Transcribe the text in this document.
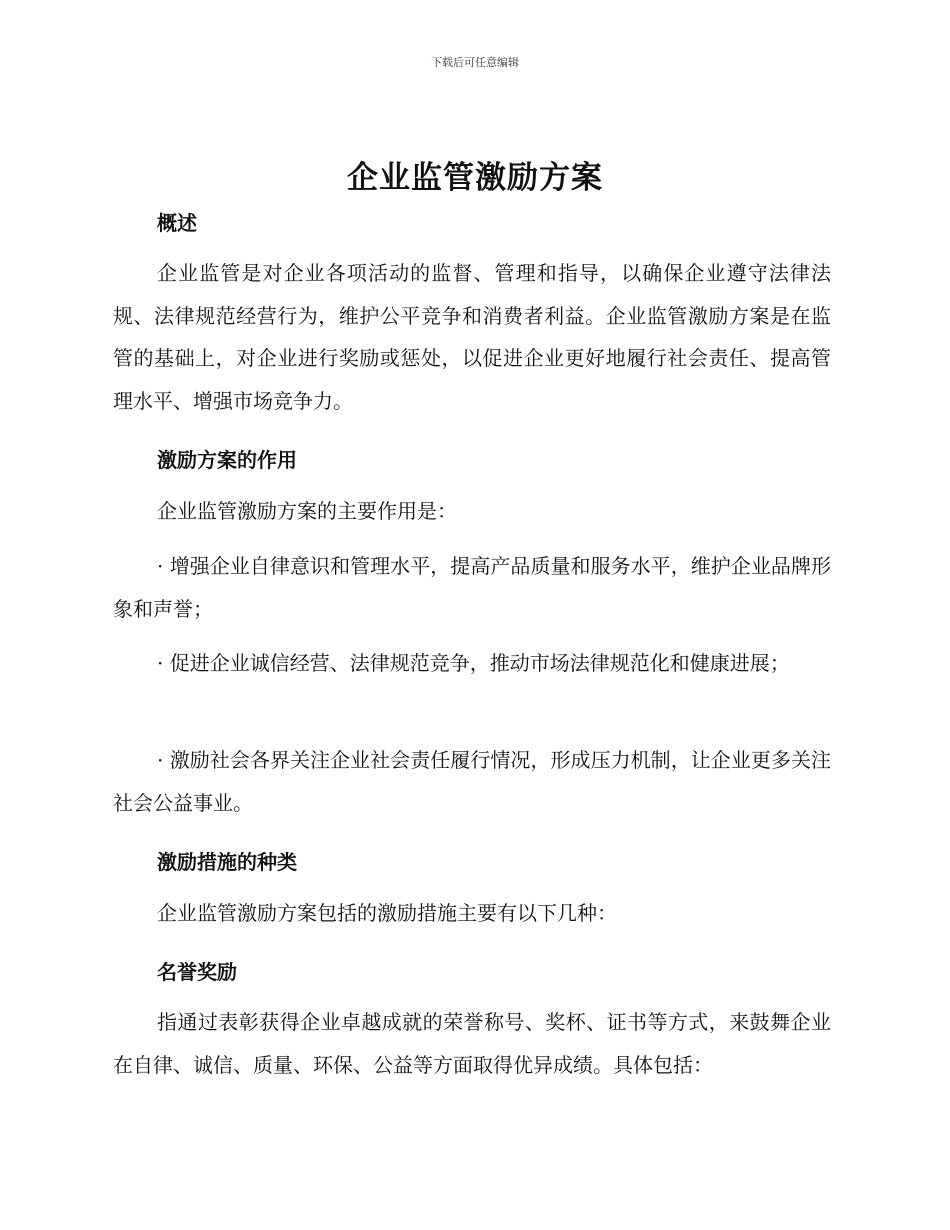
下载后可任意编辑
企业监管激励方案
概述

企业监管是对企业各项活动的监督、管理和指导，以确保企业遵守法律法规、法律规范经营行为，维护公平竞争和消费者利益。企业监管激励方案是在监管的基础上，对企业进行奖励或惩处，以促进企业更好地履行社会责任、提高管理水平、增强市场竞争力。

激励方案的作用

企业监管激励方案的主要作用是：

· 增强企业自律意识和管理水平，提高产品质量和服务水平，维护企业品牌形象和声誉；

· 促进企业诚信经营、法律规范竞争，推动市场法律规范化和健康进展；

· 激励社会各界关注企业社会责任履行情况，形成压力机制，让企业更多关注社会公益事业。

激励措施的种类

企业监管激励方案包括的激励措施主要有以下几种：

名誉奖励

指通过表彰获得企业卓越成就的荣誉称号、奖杯、证书等方式，来鼓舞企业在自律、诚信、质量、环保、公益等方面取得优异成绩。具体包括：
